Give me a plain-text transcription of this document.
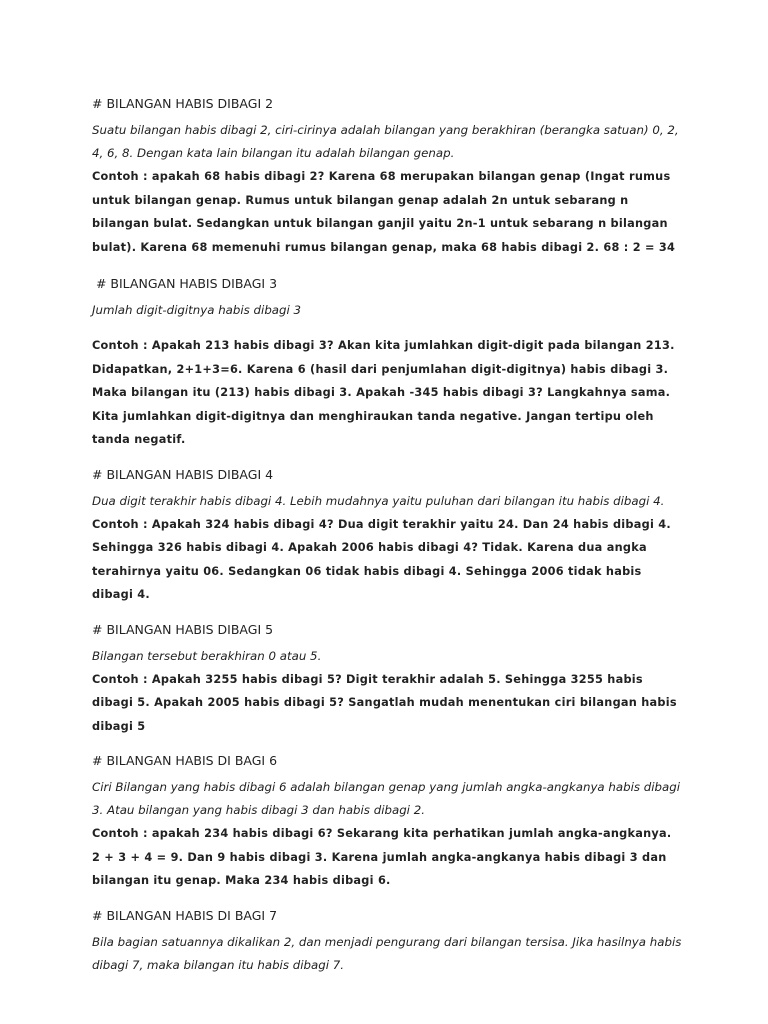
# BILANGAN HABIS DIBAGI 2

Suatu bilangan habis dibagi 2, ciri-cirinya adalah bilangan yang berakhiran (berangka satuan) 0, 2, 4, 6, 8. Dengan kata lain bilangan itu adalah bilangan genap.

Contoh : apakah 68 habis dibagi 2? Karena 68 merupakan bilangan genap (Ingat rumus untuk bilangan genap. Rumus untuk bilangan genap adalah 2n untuk sebarang n bilangan bulat. Sedangkan untuk bilangan ganjil yaitu 2n-1 untuk sebarang n bilangan bulat). Karena 68 memenuhi rumus bilangan genap, maka 68 habis dibagi 2. 68 : 2 = 34

# BILANGAN HABIS DIBAGI 3

Jumlah digit-digitnya habis dibagi 3

Contoh : Apakah 213 habis dibagi 3? Akan kita jumlahkan digit-digit pada bilangan 213. Didapatkan, 2+1+3=6. Karena 6 (hasil dari penjumlahan digit-digitnya) habis dibagi 3. Maka bilangan itu (213) habis dibagi 3. Apakah -345 habis dibagi 3? Langkahnya sama. Kita jumlahkan digit-digitnya dan menghiraukan tanda negative. Jangan tertipu oleh tanda negatif.

# BILANGAN HABIS DIBAGI 4

Dua digit terakhir habis dibagi 4. Lebih mudahnya yaitu puluhan dari bilangan itu habis dibagi 4.

Contoh : Apakah 324 habis dibagi 4? Dua digit terakhir yaitu 24. Dan 24 habis dibagi 4. Sehingga 326 habis dibagi 4. Apakah 2006 habis dibagi 4? Tidak. Karena dua angka terahirnya yaitu 06. Sedangkan 06 tidak habis dibagi 4. Sehingga 2006 tidak habis dibagi 4.

# BILANGAN HABIS DIBAGI 5

Bilangan tersebut berakhiran 0 atau 5.

Contoh : Apakah 3255 habis dibagi 5? Digit terakhir adalah 5. Sehingga 3255 habis dibagi 5. Apakah 2005 habis dibagi 5? Sangatlah mudah menentukan ciri bilangan habis dibagi 5

# BILANGAN HABIS DI BAGI 6

Ciri Bilangan yang habis dibagi 6 adalah bilangan genap yang jumlah angka-angkanya habis dibagi 3. Atau bilangan yang habis dibagi 3 dan habis dibagi 2.

Contoh : apakah 234 habis dibagi 6? Sekarang kita perhatikan jumlah angka-angkanya. 2 + 3 + 4 = 9. Dan 9 habis dibagi 3. Karena jumlah angka-angkanya habis dibagi 3 dan bilangan itu genap. Maka 234 habis dibagi 6.

# BILANGAN HABIS DI BAGI 7

Bila bagian satuannya dikalikan 2, dan menjadi pengurang dari bilangan tersisa. Jika hasilnya habis dibagi 7, maka bilangan itu habis dibagi 7.
